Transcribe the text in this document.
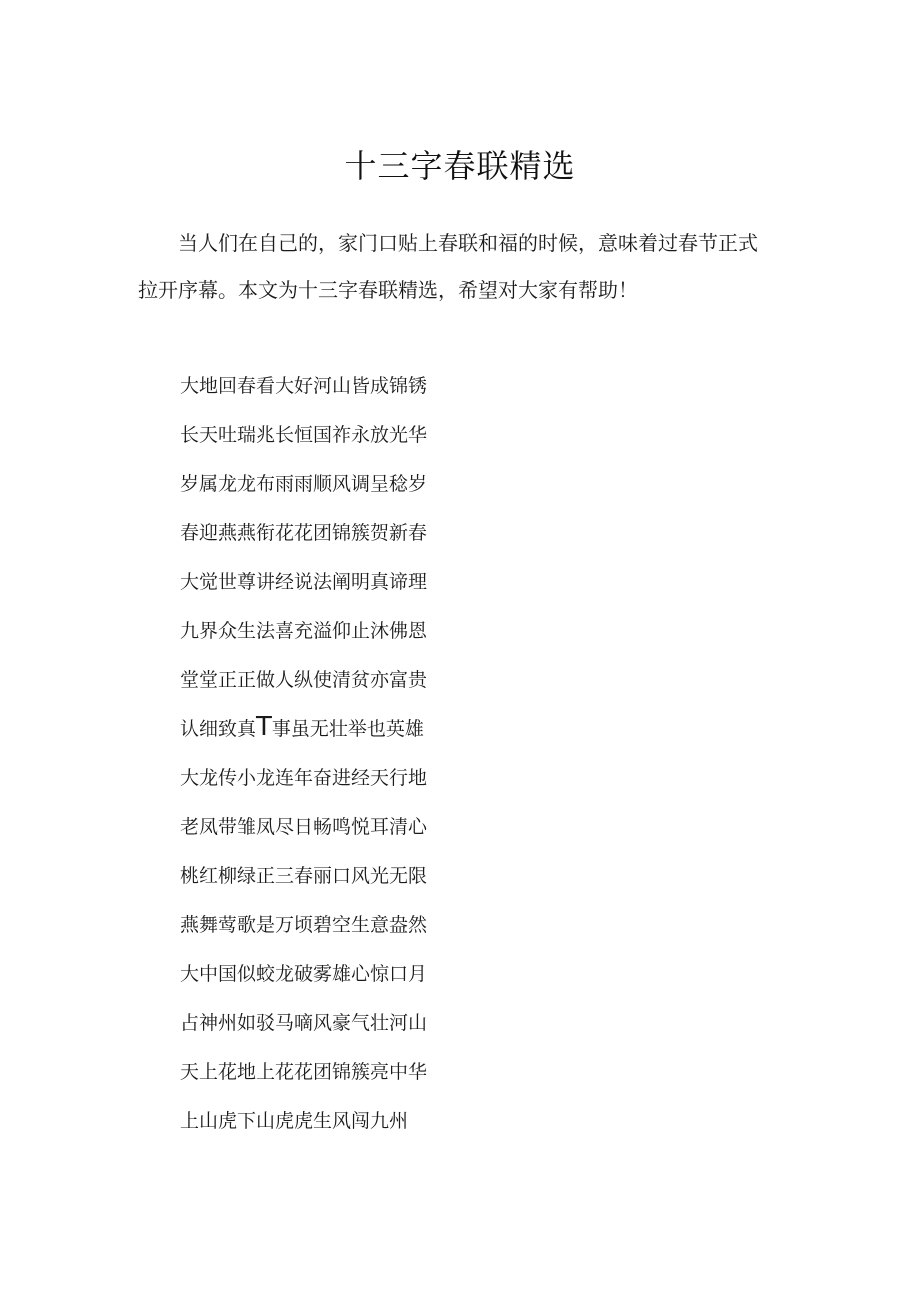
十三字春联精选
当人们在自己的，家门口贴上春联和福的时候，意味着过春节正式
拉开序幕。本文为十三字春联精选，希望对大家有帮助！
大地回春看大好河山皆成锦锈
长天吐瑞兆长恒国祚永放光华
岁属龙龙布雨雨顺风调呈稔岁
春迎燕燕衔花花团锦簇贺新春
大觉世尊讲经说法阐明真谛理
九界众生法喜充溢仰止沐佛恩
堂堂正正做人纵使清贫亦富贵
认细致真T事虽无壮举也英雄
大龙传小龙连年奋进经天行地
老凤带雏凤尽日畅鸣悦耳清心
桃红柳绿正三春丽口风光无限
燕舞莺歌是万顷碧空生意盎然
大中国似蛟龙破雾雄心惊口月
占神州如驳马嘀风豪气壮河山
天上花地上花花团锦簇亮中华
上山虎下山虎虎生风闯九州
